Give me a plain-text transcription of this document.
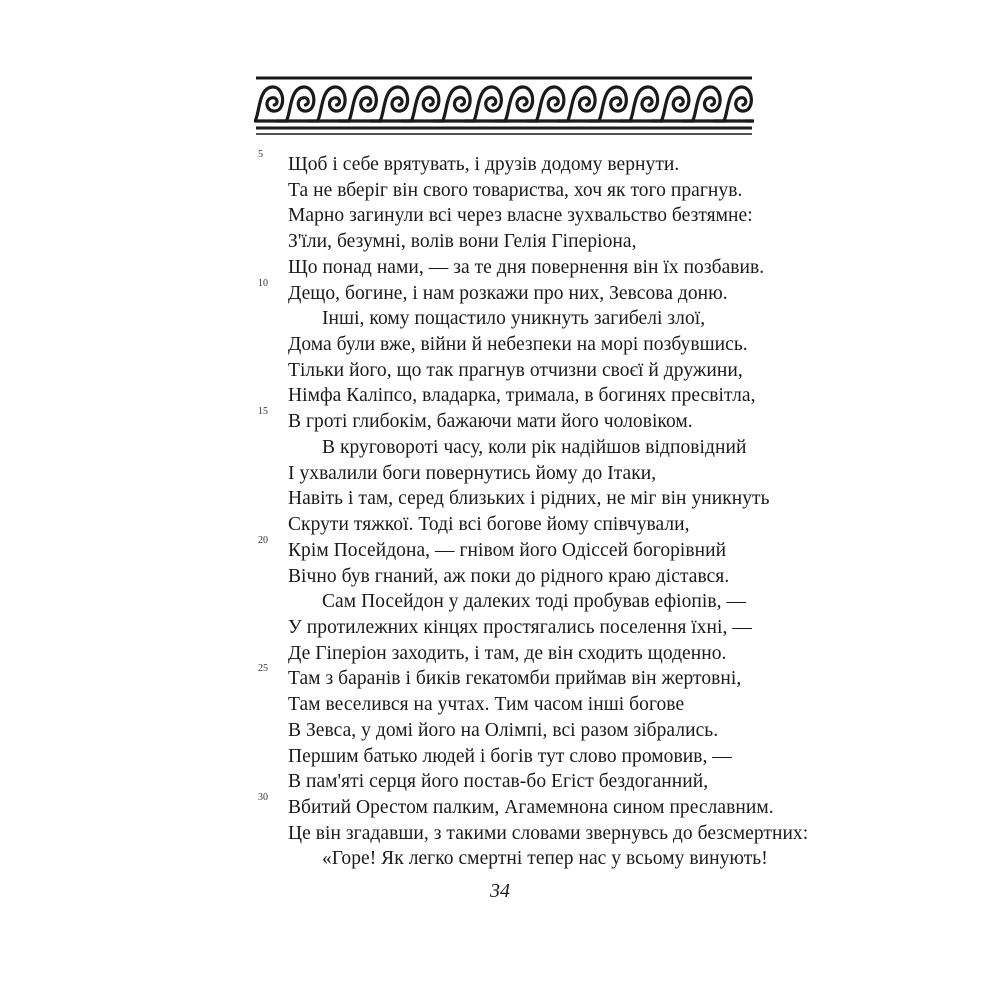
5 Щоб і себе врятувать, і друзів додому вернути.
Та не вберіг він свого товариства, хоч як того прагнув.
Марно загинули всі через власне зухвальство безтямне:
З'їли, безумні, волів вони Гелія Гіперіона,
Що понад нами, — за те дня повернення він їх позбавив.
10 Дещо, богине, і нам розкажи про них, Зевсова доню.
Інші, кому пощастило уникнуть загибелі злої,
Дома були вже, війни й небезпеки на морі позбувшись.
Тільки його, що так прагнув отчизни своєї й дружини,
Німфа Каліпсо, владарка, тримала, в богинях пресвітла,
15 В гроті глибокім, бажаючи мати його чоловіком.
В круговороті часу, коли рік надійшов відповідний
І ухвалили боги повернутись йому до Ітаки,
Навіть і там, серед близьких і рідних, не міг він уникнуть
Скрути тяжкої. Тоді всі богове йому співчували,
20 Крім Посейдона, — гнівом його Одіссей богорівний
Вічно був гнаний, аж поки до рідного краю дістався.
Сам Посейдон у далеких тоді пробував ефіопів, —
У протилежних кінцях простягались поселення їхні, —
Де Гіперіон заходить, і там, де він сходить щоденно.
25 Там з баранів і биків гекатомби приймав він жертовні,
Там веселився на учтах. Тим часом інші богове
В Зевса, у домі його на Олімпі, всі разом зібрались.
Першим батько людей і богів тут слово промовив, —
В пам'яті серця його постав-бо Егіст бездоганний,
30 Вбитий Орестом палким, Агамемнона сином преславним.
Це він згадавши, з такими словами звернувсь до безсмертних:
«Горе! Як легко смертні тепер нас у всьому винують!
34
